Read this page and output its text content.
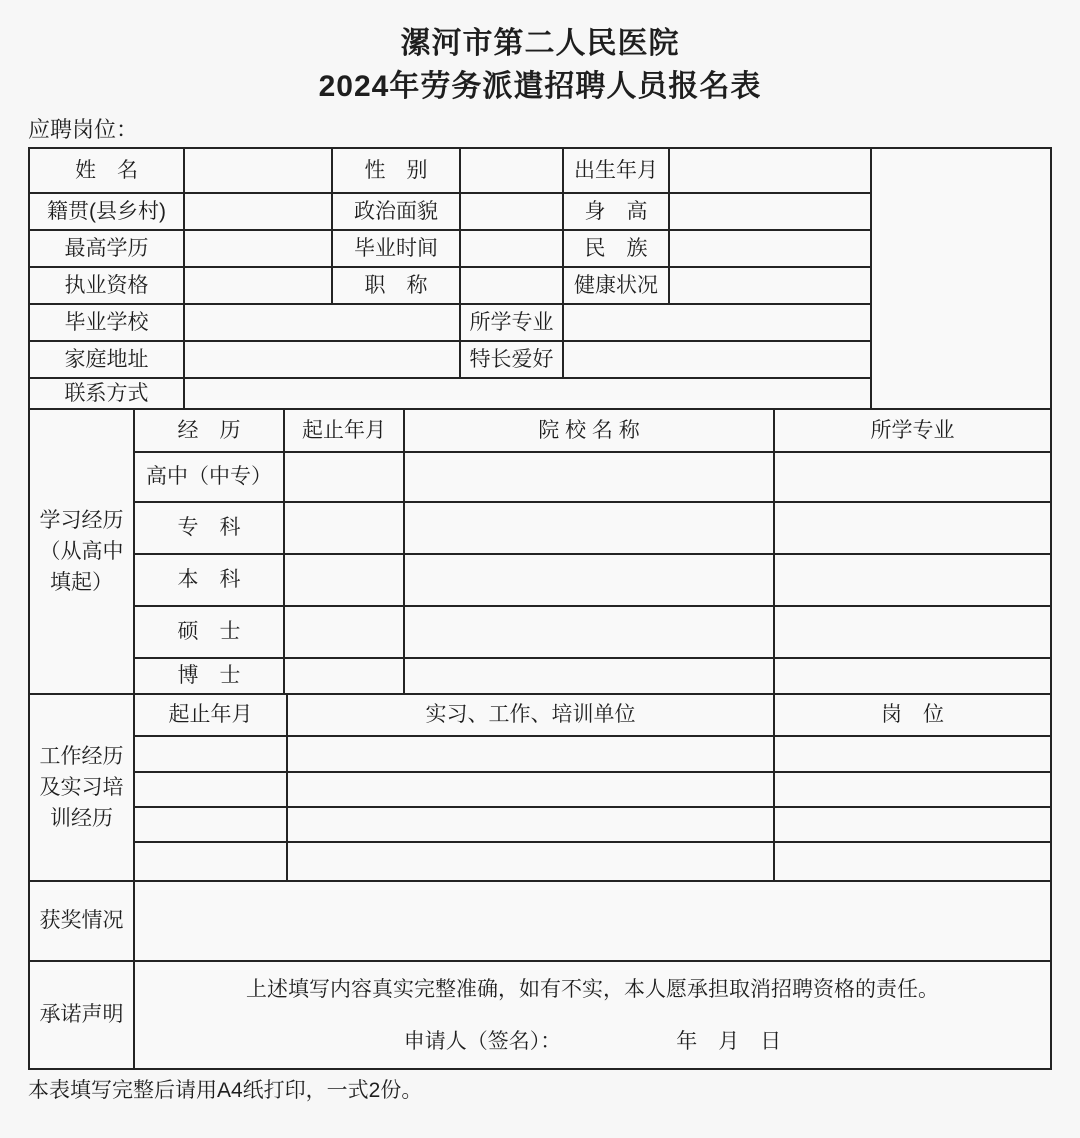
漯河市第二人民医院
2024年劳务派遣招聘人员报名表
应聘岗位：
姓　名	性　别	出生年月
籍贯(县乡村)	政治面貌	身　高
最高学历	毕业时间	民　族
执业资格	职　称	健康状况
毕业学校	所学专业
家庭地址	特长爱好
联系方式
学习经历（从高中填起）
经　历	起止年月	院 校 名 称	所学专业
高中（中专）
专　科
本　科
硕　士
博　士
工作经历及实习培训经历
起止年月	实习、工作、培训单位	岗　位
获奖情况
承诺声明
上述填写内容真实完整准确，如有不实，本人愿承担取消招聘资格的责任。
申请人（签名）：	年　月　日
本表填写完整后请用A4纸打印，一式2份。
